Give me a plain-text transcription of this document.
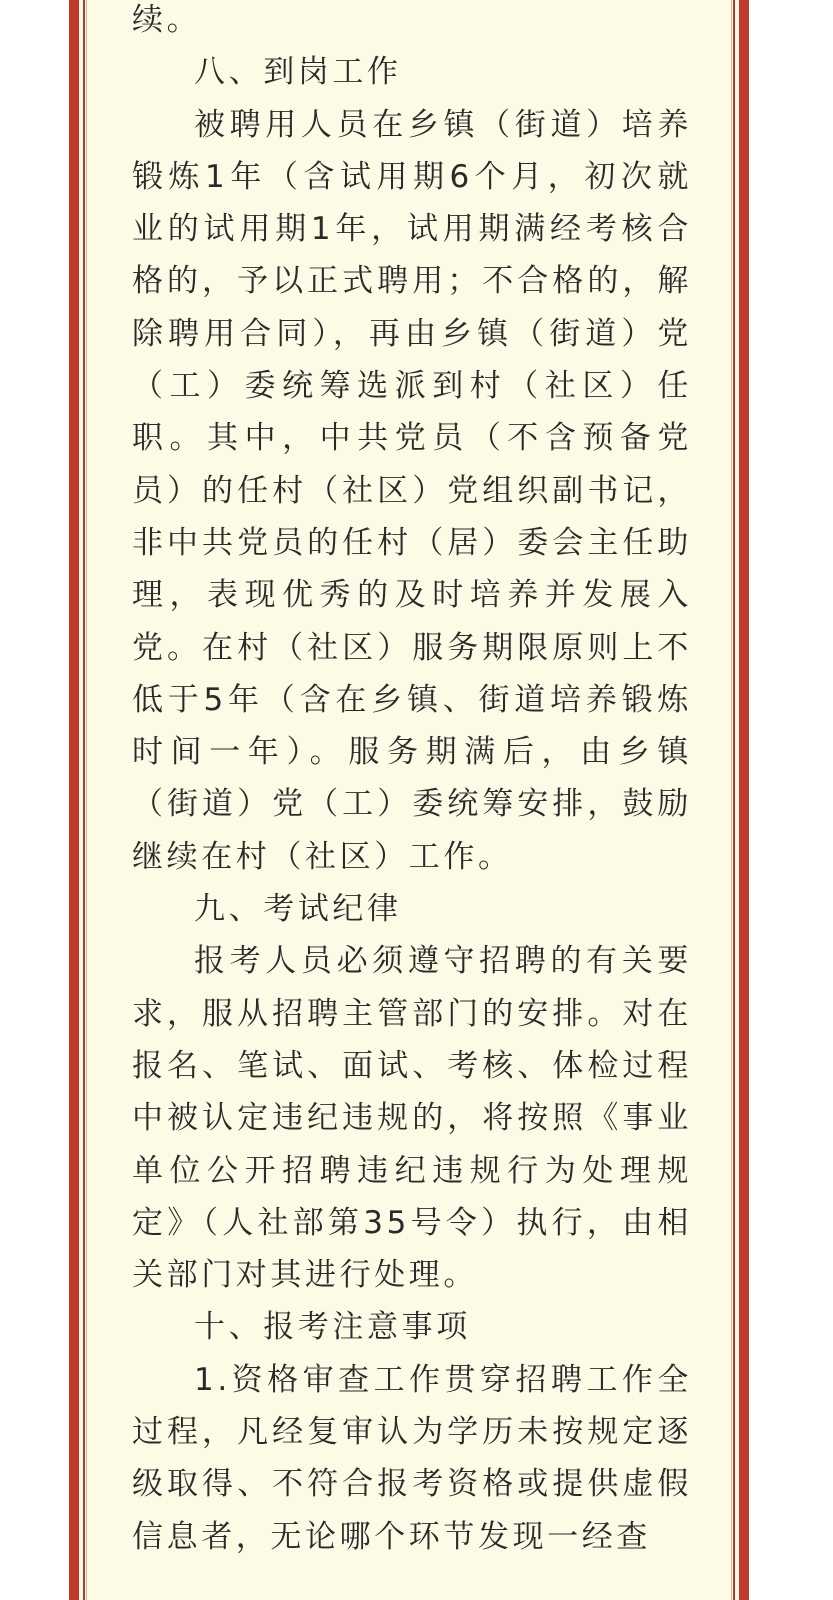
续。

八、到岗工作

被聘用人员在乡镇（街道）培养锻炼1年（含试用期6个月，初次就业的试用期1年，试用期满经考核合格的，予以正式聘用；不合格的，解除聘用合同），再由乡镇（街道）党（工）委统筹选派到村（社区）任职。其中，中共党员（不含预备党员）的任村（社区）党组织副书记，非中共党员的任村（居）委会主任助理，表现优秀的及时培养并发展入党。在村（社区）服务期限原则上不低于5年（含在乡镇、街道培养锻炼时间一年）。服务期满后，由乡镇（街道）党（工）委统筹安排，鼓励继续在村（社区）工作。

九、考试纪律

报考人员必须遵守招聘的有关要求，服从招聘主管部门的安排。对在报名、笔试、面试、考核、体检过程中被认定违纪违规的，将按照《事业单位公开招聘违纪违规行为处理规定》（人社部第35号令）执行，由相关部门对其进行处理。

十、报考注意事项

1.资格审查工作贯穿招聘工作全过程，凡经复审认为学历未按规定逐级取得、不符合报考资格或提供虚假信息者，无论哪个环节发现一经查
